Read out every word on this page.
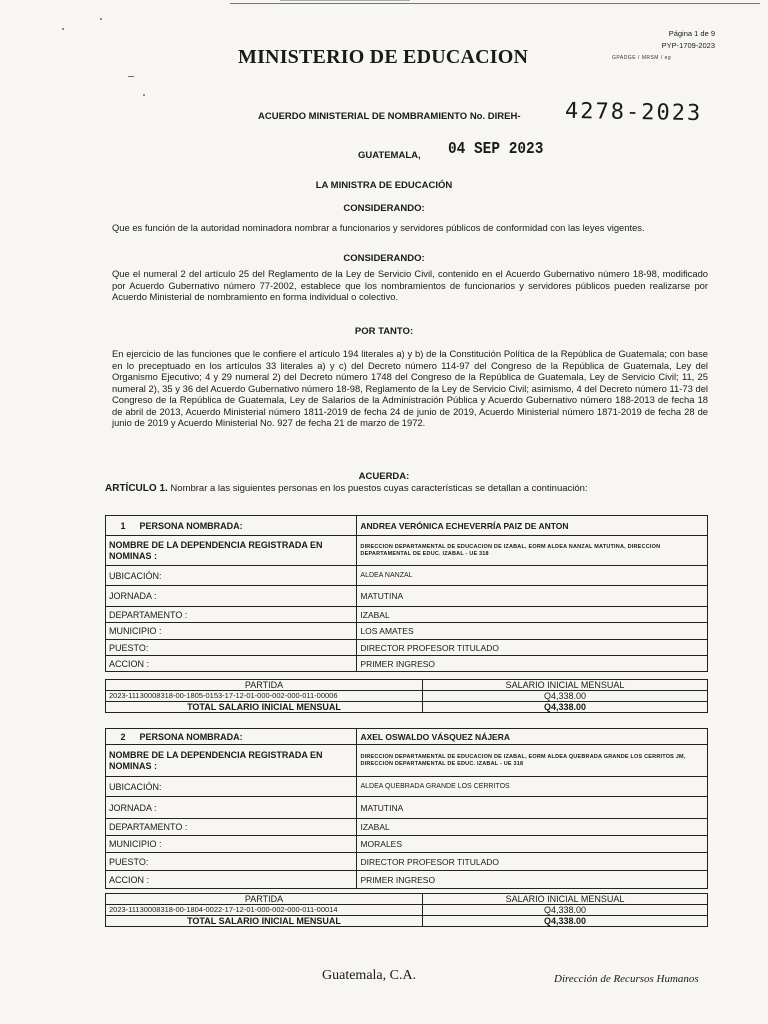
MINISTERIO DE EDUCACION
Página 1 de 9
PYP-1709-2023
GPADGE / MRSM / eg
ACUERDO MINISTERIAL DE NOMBRAMIENTO No. DIREH- 4278-2023
GUATEMALA, 04 SEP 2023
LA MINISTRA DE EDUCACIÓN
CONSIDERANDO:

Que es función de la autoridad nominadora nombrar a funcionarios y servidores públicos de conformidad con las leyes vigentes.

CONSIDERANDO:

Que el numeral 2 del artículo 25 del Reglamento de la Ley de Servicio Civil, contenido en el Acuerdo Gubernativo número 18-98, modificado por Acuerdo Gubernativo número 77-2002, establece que los nombramientos de funcionarios y servidores públicos pueden realizarse por Acuerdo Ministerial de nombramiento en forma individual o colectivo.

POR TANTO:

En ejercicio de las funciones que le confiere el artículo 194 literales a) y b) de la Constitución Política de la República de Guatemala; con base en lo preceptuado en los artículos 33 literales a) y c) del Decreto número 114-97 del Congreso de la República de Guatemala, Ley del Organismo Ejecutivo; 4 y 29 numeral 2) del Decreto número 1748 del Congreso de la República de Guatemala, Ley de Servicio Civil; 11, 25 numeral 2), 35 y 36 del Acuerdo Gubernativo número 18-98, Reglamento de la Ley de Servicio Civil; asimismo, 4 del Decreto número 11-73 del Congreso de la República de Guatemala, Ley de Salarios de la Administración Pública y Acuerdo Gubernativo número 188-2013 de fecha 18 de abril de 2013, Acuerdo Ministerial número 1811-2019 de fecha 24 de junio de 2019, Acuerdo Ministerial número 1871-2019 de fecha 28 de junio de 2019 y Acuerdo Ministerial No. 927 de fecha 21 de marzo de 1972.

ACUERDA:
ARTÍCULO 1. Nombrar a las siguientes personas en los puestos cuyas características se detallan a continuación:
1 PERSONA NOMBRADA:	ANDREA VERÓNICA ECHEVERRÍA PAIZ DE ANTON
NOMBRE DE LA DEPENDENCIA REGISTRADA EN NOMINAS :	DIRECCION DEPARTAMENTAL DE EDUCACION DE IZABAL, EORM ALDEA NANZAL MATUTINA, DIRECCION DEPARTAMENTAL DE EDUC. IZABAL - UE 318
UBICACIÓN:	ALDEA NANZAL
JORNADA :	MATUTINA
DEPARTAMENTO :	IZABAL
MUNICIPIO :	LOS AMATES
PUESTO:	DIRECTOR PROFESOR TITULADO
ACCION :	PRIMER INGRESO
PARTIDA	SALARIO INICIAL MENSUAL
2023-11130008318-00-1805-0153-17-12-01-000-002-000-011-00006	Q4,338.00
TOTAL SALARIO INICIAL MENSUAL	Q4,338.00
2 PERSONA NOMBRADA:	AXEL OSWALDO VÁSQUEZ NÁJERA
NOMBRE DE LA DEPENDENCIA REGISTRADA EN NOMINAS :	DIRECCION DEPARTAMENTAL DE EDUCACION DE IZABAL, EORM ALDEA QUEBRADA GRANDE LOS CERRITOS JM, DIRECCION DEPARTAMENTAL DE EDUC. IZABAL - UE 318
UBICACIÓN:	ALDEA QUEBRADA GRANDE LOS CERRITOS
JORNADA :	MATUTINA
DEPARTAMENTO :	IZABAL
MUNICIPIO :	MORALES
PUESTO:	DIRECTOR PROFESOR TITULADO
ACCION :	PRIMER INGRESO
PARTIDA	SALARIO INICIAL MENSUAL
2023-11130008318-00-1804-0022-17-12-01-000-002-000-011-00014	Q4,338.00
TOTAL SALARIO INICIAL MENSUAL	Q4,338.00
Guatemala, C.A.	Dirección de Recursos Humanos
